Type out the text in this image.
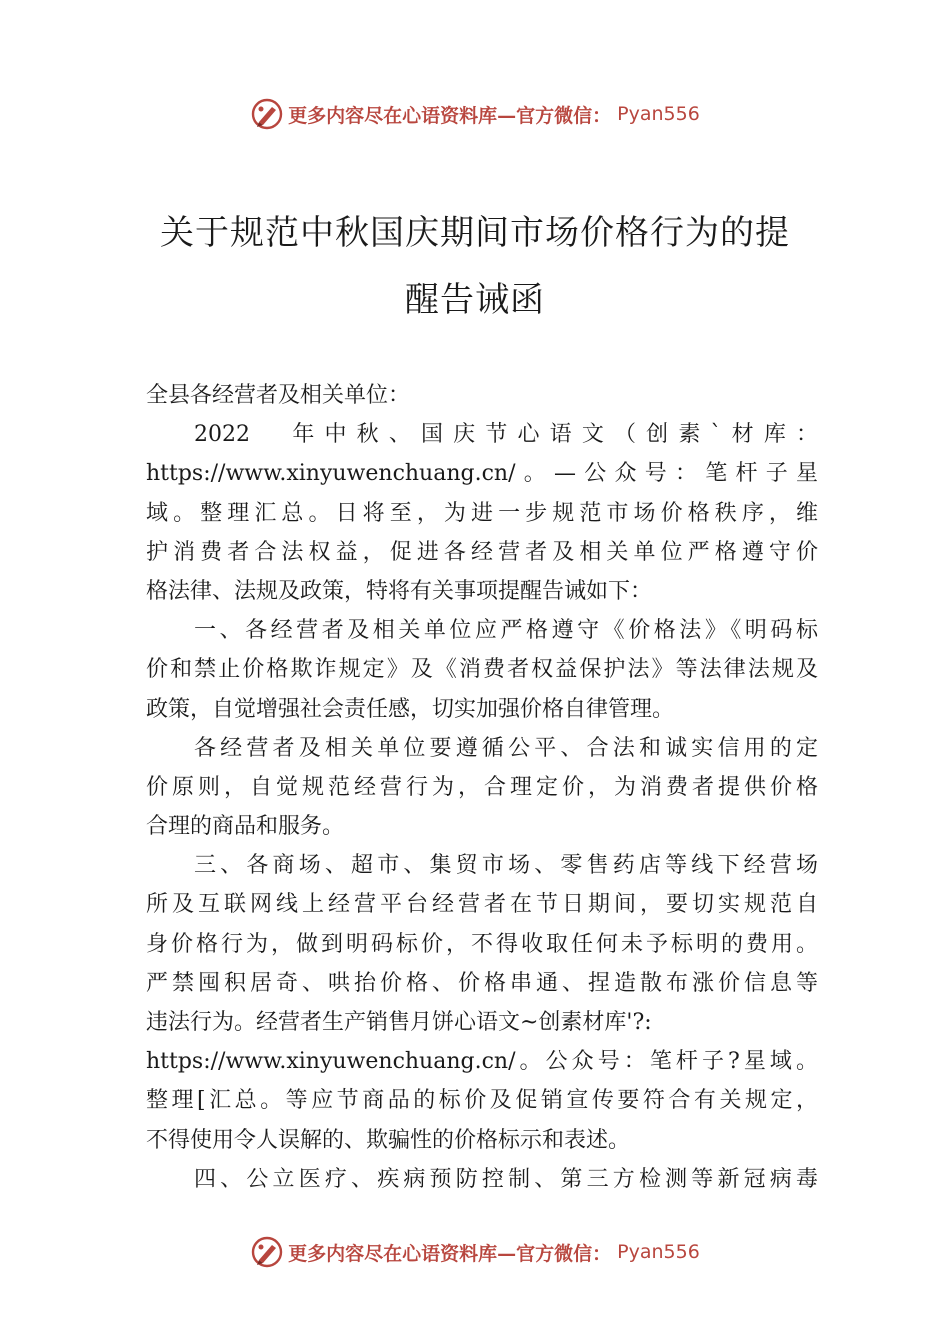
更多内容尽在心语资料库—官方微信： Pyan556
关于规范中秋国庆期间市场价格行为的提
醒告诫函
全县各经营者及相关单位：
2022　年中秋、国庆节心语文（创素`材库：
https://www.xinyuwenchuang.cn/。—公众号：笔杆子星
域。整理汇总。日将至，为进一步规范市场价格秩序，维
护消费者合法权益，促进各经营者及相关单位严格遵守价
格法律、法规及政策，特将有关事项提醒告诫如下：
一、各经营者及相关单位应严格遵守《价格法》《明码标
价和禁止价格欺诈规定》及《消费者权益保护法》等法律法规及
政策，自觉增强社会责任感，切实加强价格自律管理。
各经营者及相关单位要遵循公平、合法和诚实信用的定
价原则，自觉规范经营行为，合理定价，为消费者提供价格
合理的商品和服务。
三、各商场、超市、集贸市场、零售药店等线下经营场
所及互联网线上经营平台经营者在节日期间，要切实规范自
身价格行为，做到明码标价，不得收取任何未予标明的费用。
严禁囤积居奇、哄抬价格、价格串通、捏造散布涨价信息等
违法行为。经营者生产销售月饼心语文~创素材库'?:
https://www.xinyuwenchuang.cn/。公众号：笔杆子?星域。
整理[汇总。等应节商品的标价及促销宣传要符合有关规定，
不得使用令人误解的、欺骗性的价格标示和表述。
四、公立医疗、疾病预防控制、第三方检测等新冠病毒
更多内容尽在心语资料库—官方微信： Pyan556
